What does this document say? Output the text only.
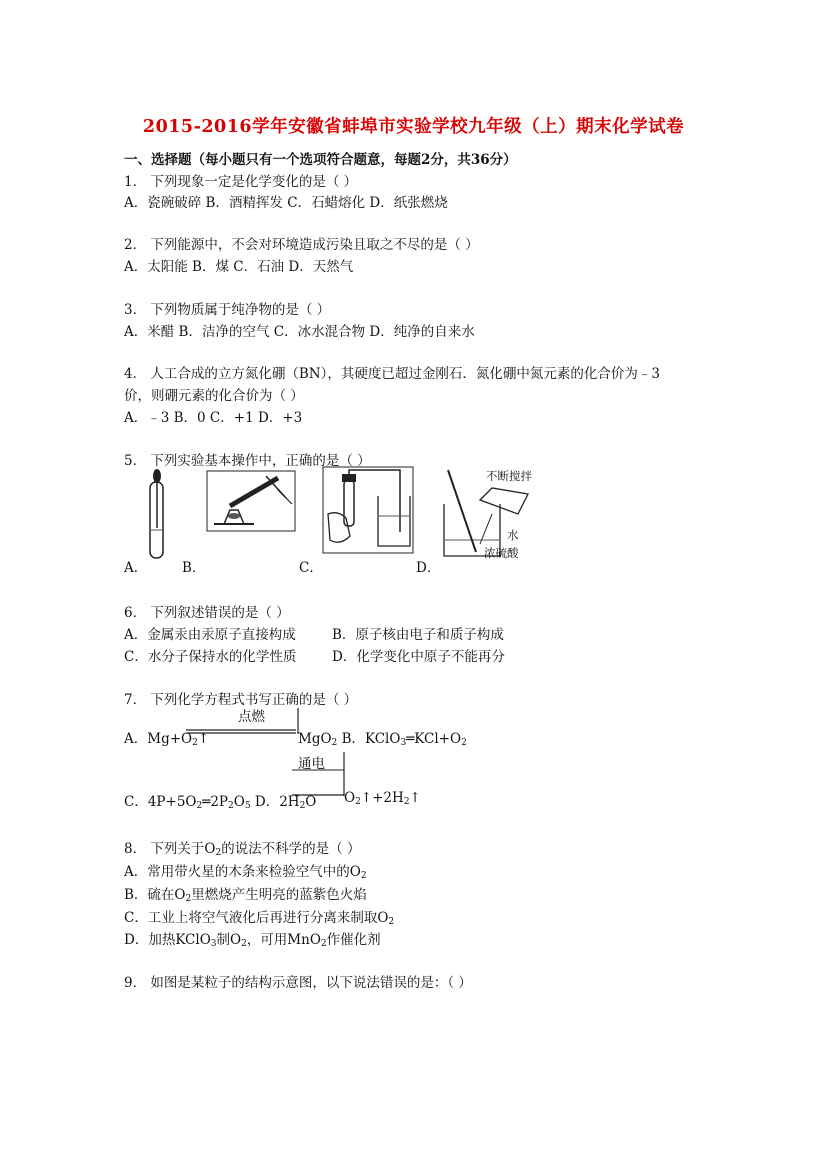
2015-2016学年安徽省蚌埠市实验学校九年级（上）期末化学试卷
一、选择题（每小题只有一个选项符合题意，每题2分，共36分）
1． 下列现象一定是化学变化的是（ ）
A．瓷碗破碎 B．酒精挥发 C．石蜡熔化 D．纸张燃烧
2． 下列能源中，不会对环境造成污染且取之不尽的是（ ）
A．太阳能 B．煤 C．石油 D．天然气
3． 下列物质属于纯净物的是（ ）
A．米醋 B．洁净的空气 C．冰水混合物 D．纯净的自来水
4． 人工合成的立方氮化硼（BN），其硬度已超过金刚石．氮化硼中氮元素的化合价为﹣3
价，则硼元素的化合价为（ ）
A．﹣3 B．0 C．+1 D．+3
5． 下列实验基本操作中，正确的是（ ）
A．	B．	C．
不断搅拌
水
浓硫酸
D．
6． 下列叙述错误的是（ ）
A．金属汞由汞原子直接构成	B．原子核由电子和质子构成
C．水分子保持水的化学性质	D．化学变化中原子不能再分
7． 下列化学方程式书写正确的是（ ）
A．$Mg+O_2↑$
点燃
MgO$_2$ B．$KClO_3═KCl+O_2$
通电
C．$4P+5O_2═2P_2O_5$ D．$2H_2O$ $O_2↑+2H_2↑$
8． 下列关于$O_2$的说法不科学的是（ ）
A．常用带火星的木条来检验空气中的$O_2$
B．硫在$O_2$里燃烧产生明亮的蓝紫色火焰
C．工业上将空气液化后再进行分离来制取$O_2$
D．加热KClO$_3$制$O_2$，可用MnO$_2$作催化剂
9． 如图是某粒子的结构示意图，以下说法错误的是：（ ）
